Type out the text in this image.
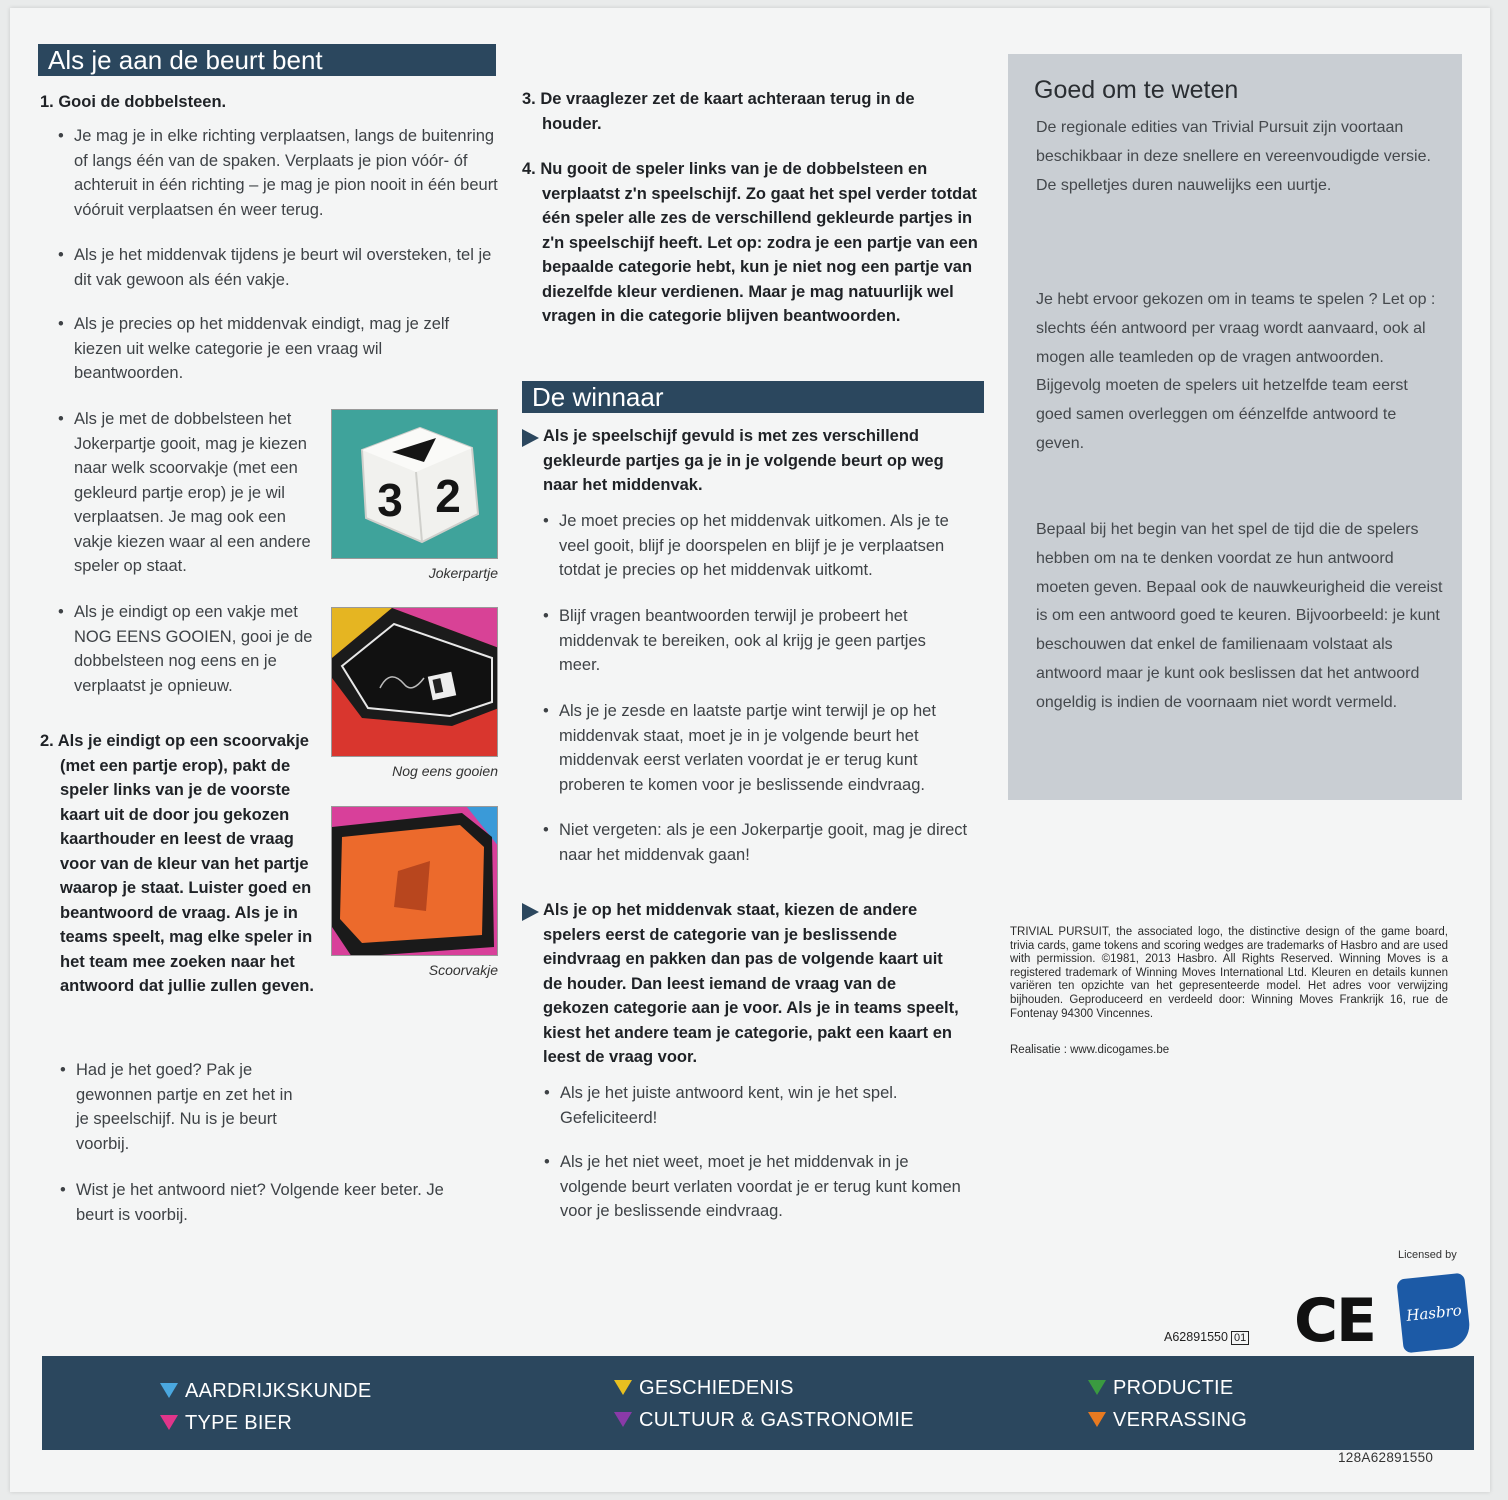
Als je aan de beurt bent
1. Gooi de dobbelsteen.
• Je mag je in elke richting verplaatsen, langs de buitenring of langs één van de spaken. Verplaats je pion vóór- óf achteruit in één richting – je mag je pion nooit in één beurt vóóruit verplaatsen én weer terug.
• Als je het middenvak tijdens je beurt wil oversteken, tel je dit vak gewoon als één vakje.
• Als je precies op het middenvak eindigt, mag je zelf kiezen uit welke categorie je een vraag wil beantwoorden.
• Als je met de dobbelsteen het Jokerpartje gooit, mag je kiezen naar welk scoorvakje (met een gekleurd partje erop) je je wil verplaatsen. Je mag ook een vakje kiezen waar al een andere speler op staat.
• Als je eindigt op een vakje met NOG EENS GOOIEN, gooi je de dobbelsteen nog eens en je verplaatst je opnieuw.
2. Als je eindigt op een scoorvakje (met een partje erop), pakt de speler links van je de voorste kaart uit de door jou gekozen kaarthouder en leest de vraag voor van de kleur van het partje waarop je staat. Luister goed en beantwoord de vraag. Als je in teams speelt, mag elke speler in het team mee zoeken naar het antwoord dat jullie zullen geven.
• Had je het goed? Pak je gewonnen partje en zet het in je speelschijf. Nu is je beurt voorbij.
• Wist je het antwoord niet? Volgende keer beter. Je beurt is voorbij.
3 2
Jokerpartje
Nog eens gooien
Scoorvakje
3. De vraaglezer zet de kaart achteraan terug in de houder.
4. Nu gooit de speler links van je de dobbelsteen en verplaatst z'n speelschijf. Zo gaat het spel verder totdat één speler alle zes de verschillend gekleurde partjes in z'n speelschijf heeft. Let op: zodra je een partje van een bepaalde categorie hebt, kun je niet nog een partje van diezelfde kleur verdienen. Maar je mag natuurlijk wel vragen in die categorie blijven beantwoorden.
De winnaar
Als je speelschijf gevuld is met zes verschillend gekleurde partjes ga je in je volgende beurt op weg naar het middenvak.
• Je moet precies op het middenvak uitkomen. Als je te veel gooit, blijf je doorspelen en blijf je je verplaatsen totdat je precies op het middenvak uitkomt.
• Blijf vragen beantwoorden terwijl je probeert het middenvak te bereiken, ook al krijg je geen partjes meer.
• Als je je zesde en laatste partje wint terwijl je op het middenvak staat, moet je in je volgende beurt het middenvak eerst verlaten voordat je er terug kunt proberen te komen voor je beslissende eindvraag.
• Niet vergeten: als je een Jokerpartje gooit, mag je direct naar het middenvak gaan!
Als je op het middenvak staat, kiezen de andere spelers eerst de categorie van je beslissende eindvraag en pakken dan pas de volgende kaart uit de houder. Dan leest iemand de vraag van de gekozen categorie aan je voor. Als je in teams speelt, kiest het andere team je categorie, pakt een kaart en leest de vraag voor.
• Als je het juiste antwoord kent, win je het spel. Gefeliciteerd!
• Als je het niet weet, moet je het middenvak in je volgende beurt verlaten voordat je er terug kunt komen voor je beslissende eindvraag.
Goed om te weten
De regionale edities van Trivial Pursuit zijn voortaan beschikbaar in deze snellere en vereenvoudigde versie. De spelletjes duren nauwelijks een uurtje.
Je hebt ervoor gekozen om in teams te spelen ? Let op : slechts één antwoord per vraag wordt aanvaard, ook al mogen alle teamleden op de vragen antwoorden. Bijgevolg moeten de spelers uit hetzelfde team eerst goed samen overleggen om éénzelfde antwoord te geven.
Bepaal bij het begin van het spel de tijd die de spelers hebben om na te denken voordat ze hun antwoord moeten geven. Bepaal ook de nauwkeurigheid die vereist is om een antwoord goed te keuren. Bijvoorbeeld: je kunt beschouwen dat enkel de familienaam volstaat als antwoord maar je kunt ook beslissen dat het antwoord ongeldig is indien de voornaam niet wordt vermeld.
TRIVIAL PURSUIT, the associated logo, the distinctive design of the game board, trivia cards, game tokens and scoring wedges are trademarks of Hasbro and are used with permission. ©1981, 2013 Hasbro. All Rights Reserved. Winning Moves is a registered trademark of Winning Moves International Ltd. Kleuren en details kunnen variëren ten opzichte van het gepresenteerde model. Het adres voor verwijzing bijhouden. Geproduceerd en verdeeld door: Winning Moves Frankrijk 16, rue de Fontenay 94300 Vincennes.
Realisatie : www.dicogames.be
Licensed by
CE	Hasbro
A62891550 01
AARDRIJKSKUNDE
TYPE BIER
GESCHIEDENIS
CULTUUR & GASTRONOMIE
PRODUCTIE
VERRASSING
128A62891550
